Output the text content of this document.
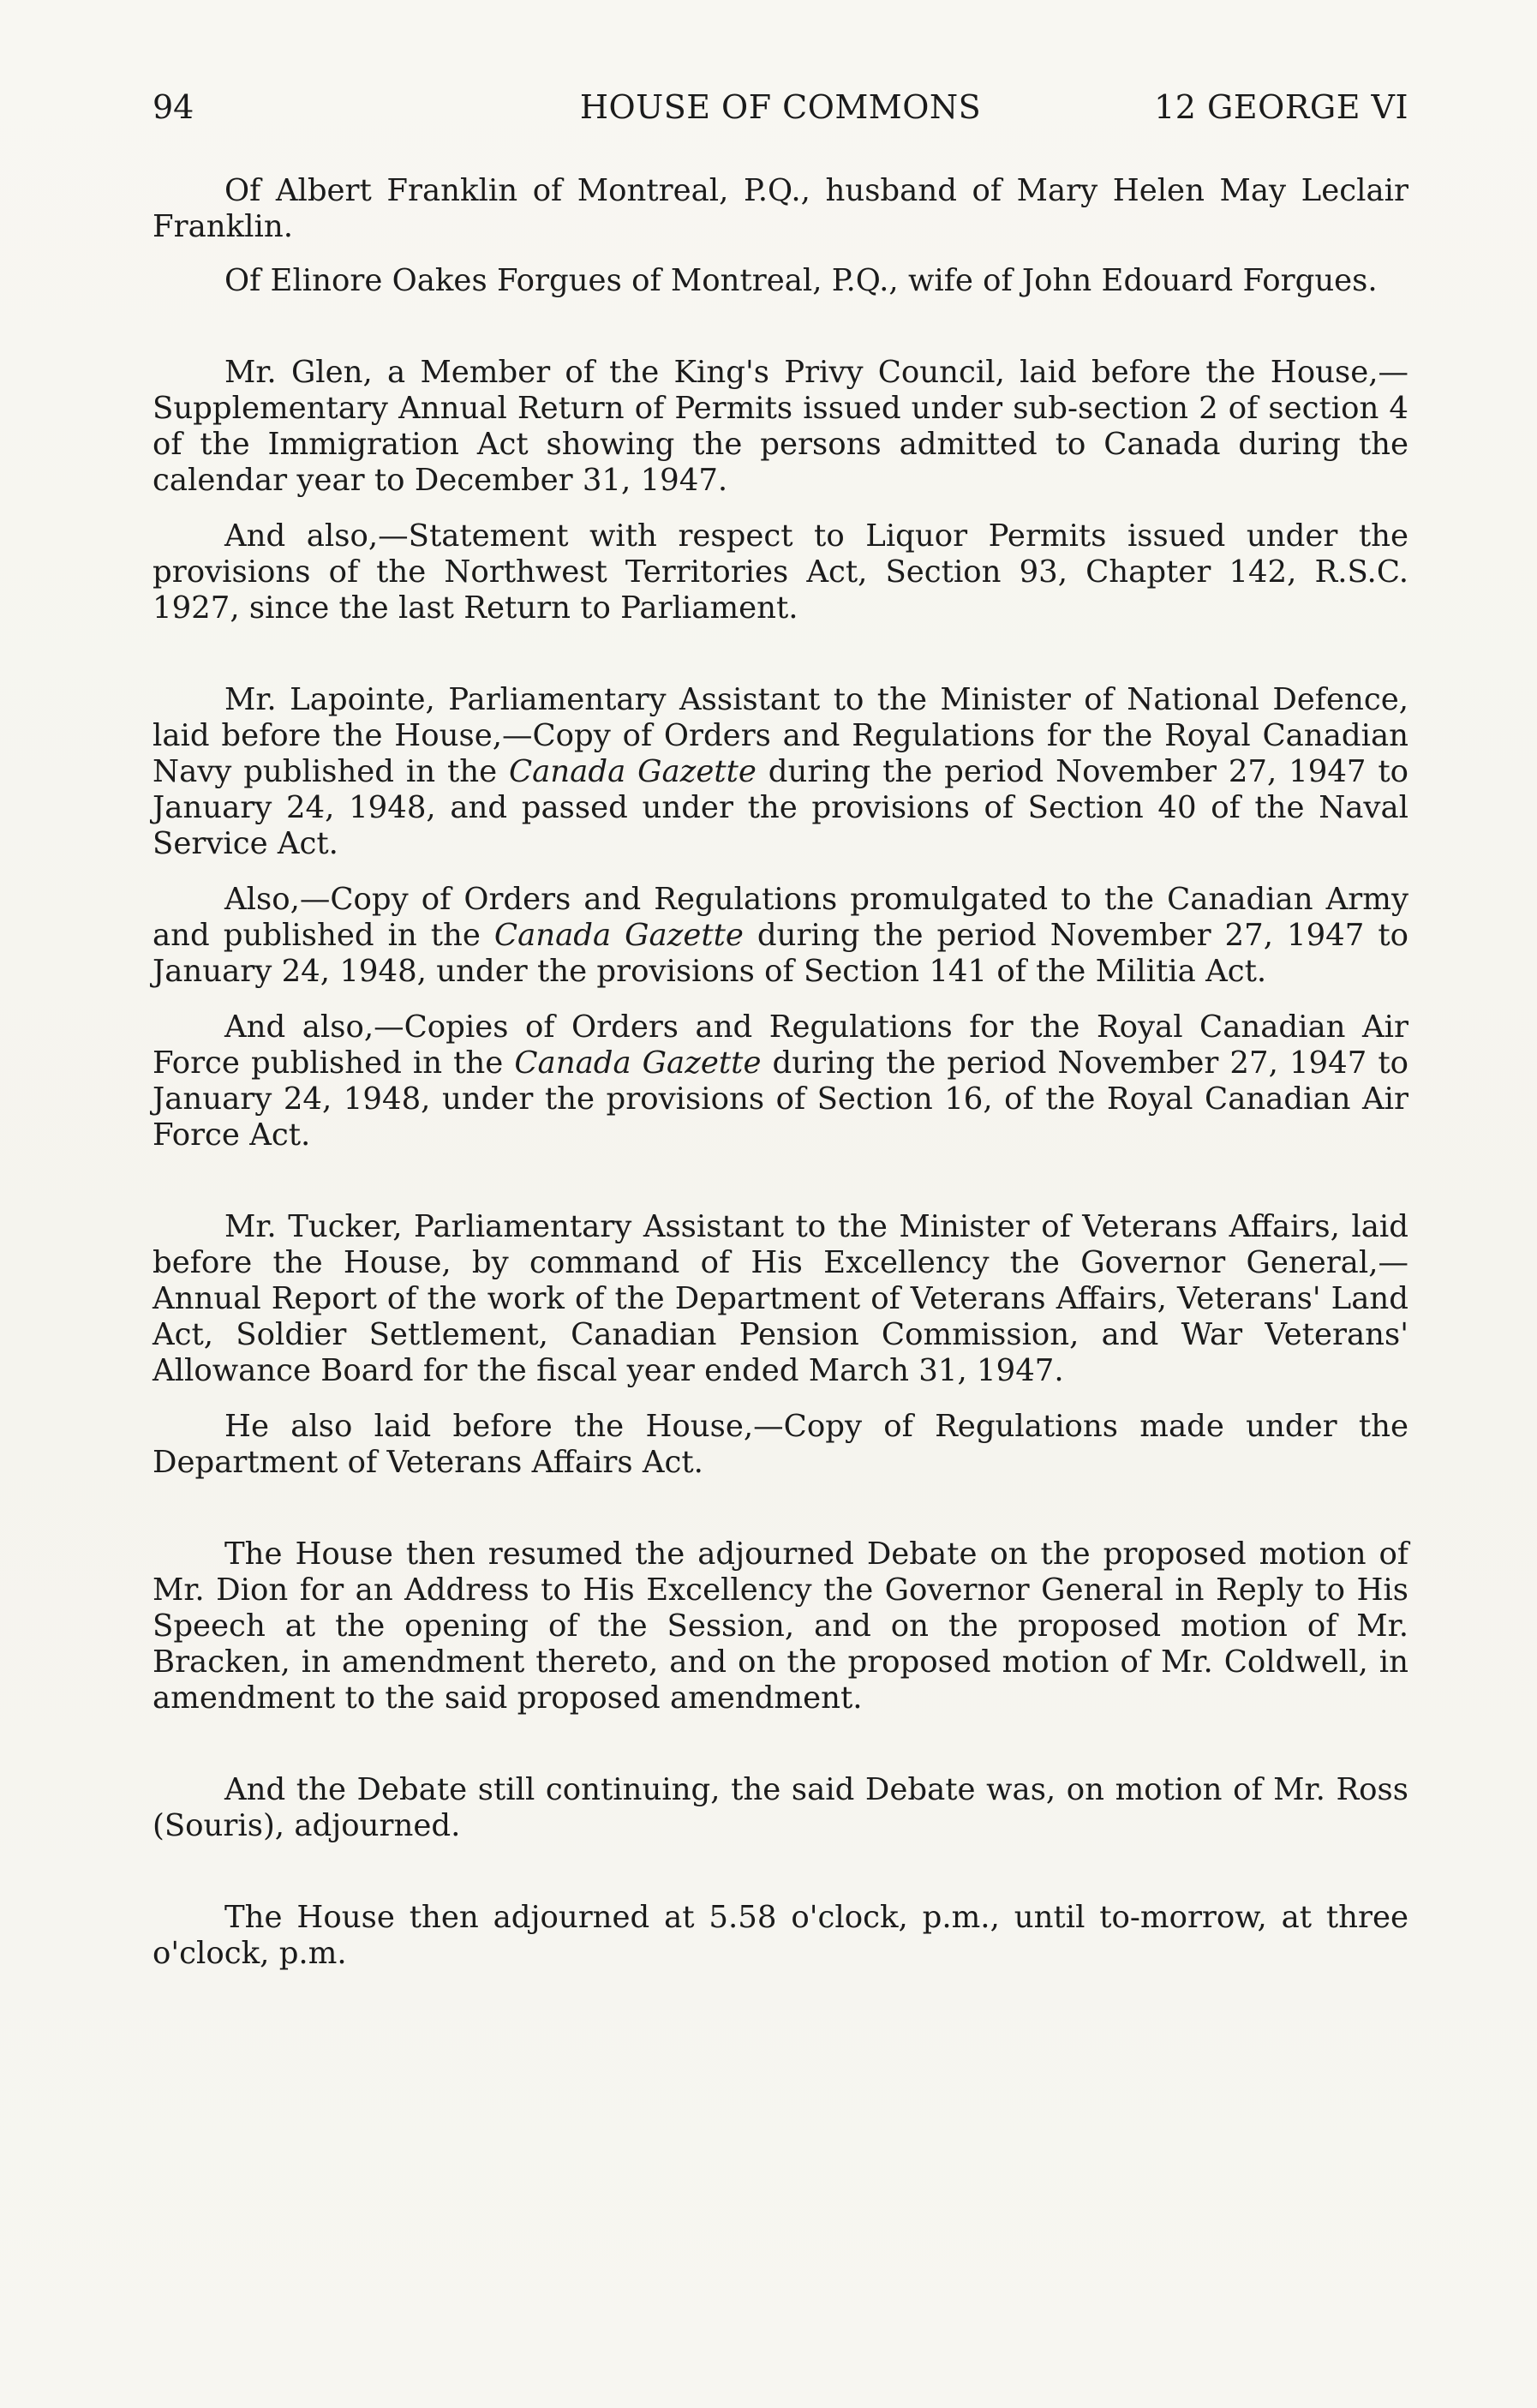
94	HOUSE OF COMMONS	12 GEORGE VI

Of Albert Franklin of Montreal, P.Q., husband of Mary Helen May Leclair Franklin.

Of Elinore Oakes Forgues of Montreal, P.Q., wife of John Edouard Forgues.

Mr. Glen, a Member of the King's Privy Council, laid before the House,— Supplementary Annual Return of Permits issued under sub-section 2 of section 4 of the Immigration Act showing the persons admitted to Canada during the calendar year to December 31, 1947.

And also,—Statement with respect to Liquor Permits issued under the provisions of the Northwest Territories Act, Section 93, Chapter 142, R.S.C. 1927, since the last Return to Parliament.

Mr. Lapointe, Parliamentary Assistant to the Minister of National Defence, laid before the House,—Copy of Orders and Regulations for the Royal Canadian Navy published in the Canada Gazette during the period November 27, 1947 to January 24, 1948, and passed under the provisions of Section 40 of the Naval Service Act.

Also,—Copy of Orders and Regulations promulgated to the Canadian Army and published in the Canada Gazette during the period November 27, 1947 to January 24, 1948, under the provisions of Section 141 of the Militia Act.

And also,—Copies of Orders and Regulations for the Royal Canadian Air Force published in the Canada Gazette during the period November 27, 1947 to January 24, 1948, under the provisions of Section 16, of the Royal Canadian Air Force Act.

Mr. Tucker, Parliamentary Assistant to the Minister of Veterans Affairs, laid before the House, by command of His Excellency the Governor General,— Annual Report of the work of the Department of Veterans Affairs, Veterans' Land Act, Soldier Settlement, Canadian Pension Commission, and War Veterans' Allowance Board for the fiscal year ended March 31, 1947.

He also laid before the House,—Copy of Regulations made under the Department of Veterans Affairs Act.

The House then resumed the adjourned Debate on the proposed motion of Mr. Dion for an Address to His Excellency the Governor General in Reply to His Speech at the opening of the Session, and on the proposed motion of Mr. Bracken, in amendment thereto, and on the proposed motion of Mr. Coldwell, in amendment to the said proposed amendment.

And the Debate still continuing, the said Debate was, on motion of Mr. Ross (Souris), adjourned.

The House then adjourned at 5.58 o'clock, p.m., until to-morrow, at three o'clock, p.m.
